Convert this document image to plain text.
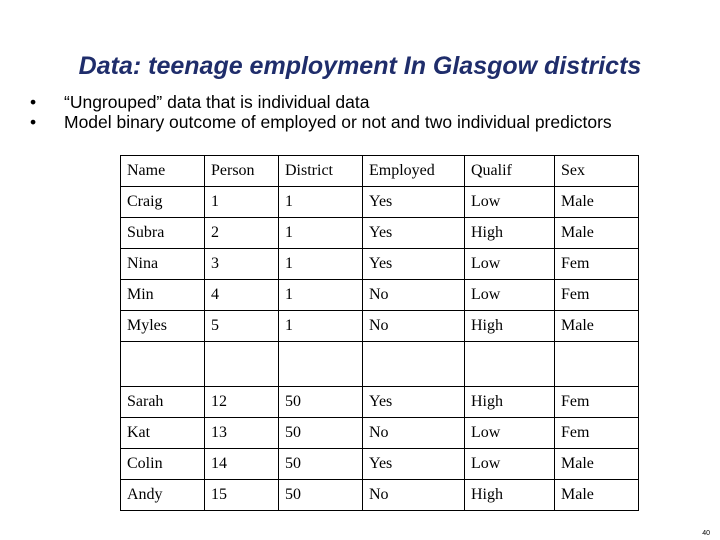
Data: teenage employment In Glasgow districts
• “Ungrouped” data that is individual data
• Model binary outcome of employed or not and two individual predictors
Name	Person	District	Employed	Qualif	Sex
Craig	1	1	Yes	Low	Male
Subra	2	1	Yes	High	Male
Nina	3	1	Yes	Low	Fem
Min	4	1	No	Low	Fem
Myles	5	1	No	High	Male

Sarah	12	50	Yes	High	Fem
Kat	13	50	No	Low	Fem
Colin	14	50	Yes	Low	Male
Andy	15	50	No	High	Male
40
